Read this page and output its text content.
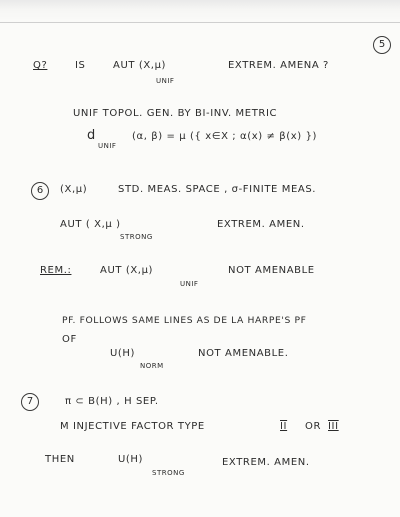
5
Q?	IS	AUT (X,μ)
UNIF
EXTREM. AMENA ?
UNIF TOPOL. GEN. BY BI-INV. METRIC
d
UNIF
(α, β) = μ ({ x∈X ; α(x) ≠ β(x) })
6	(X,μ)	STD. MEAS. SPACE , σ-FINITE MEAS.
AUT ( X,μ )
STRONG
EXTREM. AMEN.
REM.:	AUT (X,μ)
UNIF
NOT AMENABLE
PF. FOLLOWS SAME LINES AS DE LA HARPE'S PF
OF
U(H)
NORM
NOT AMENABLE.
7	π ⊂ B(H) , H SEP.
M INJECTIVE FACTOR TYPE	II OR III
THEN	U(H)
STRONG
EXTREM. AMEN.
